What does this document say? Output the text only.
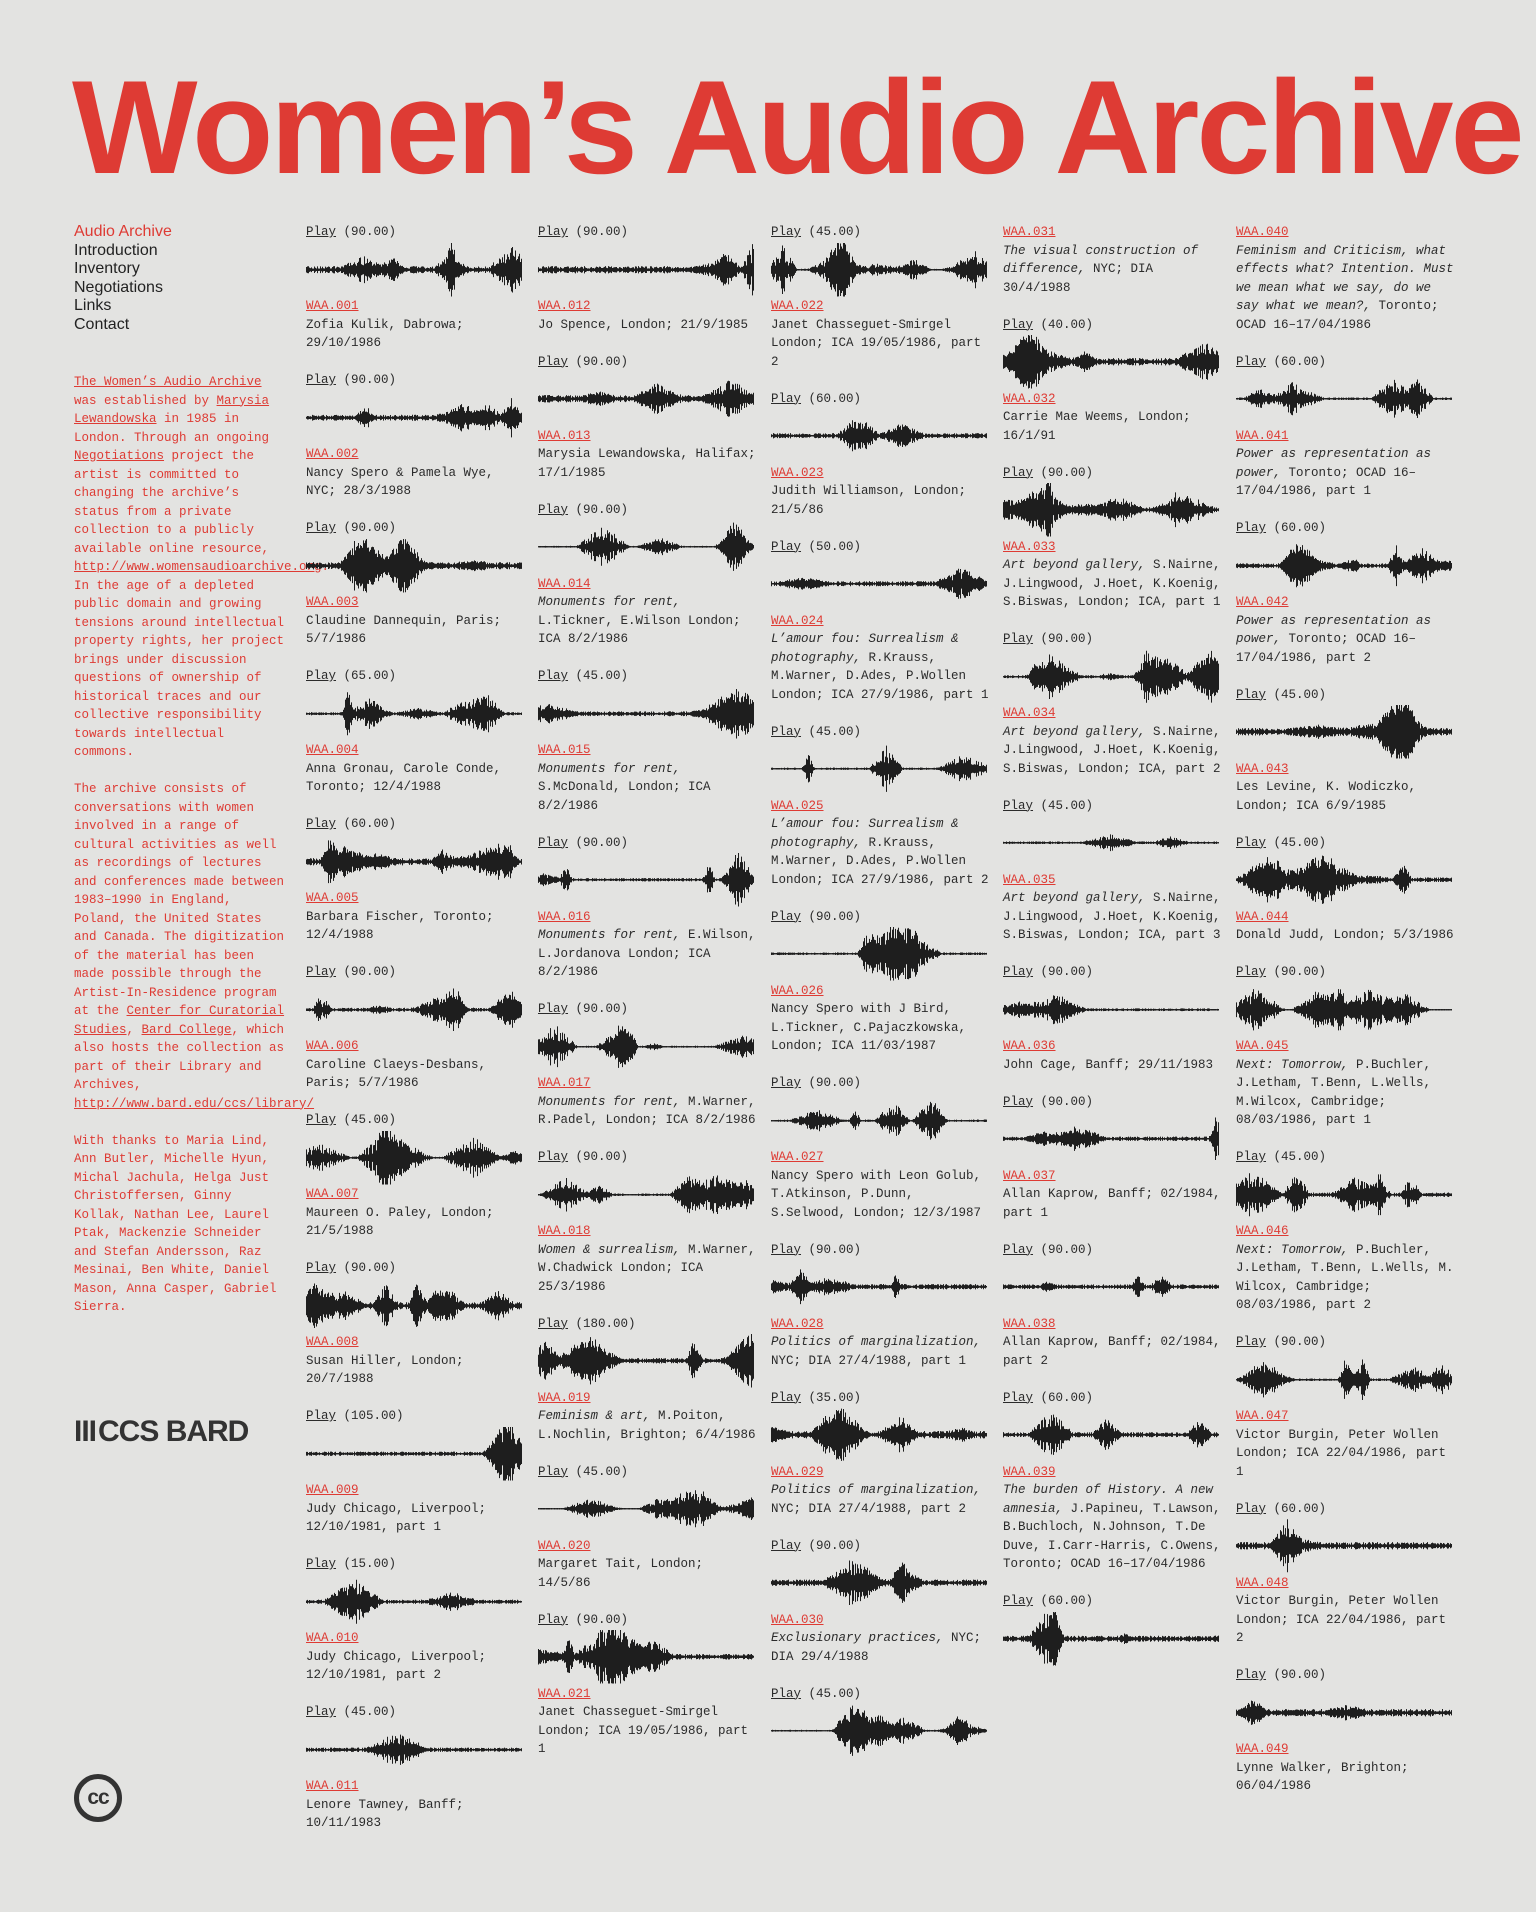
Women’s Audio Archive
Audio Archive
Introduction
Inventory
Negotiations
Links
Contact

The Women’s Audio Archive was established by Marysia Lewandowska in 1985 in London. Through an ongoing Negotiations project the artist is committed to changing the archive’s status from a private collection to a publicly available online resource, http://www.womensaudioarchive.org. In the age of a depleted public domain and growing tensions around intellectual property rights, her project brings under discussion questions of ownership of historical traces and our collective responsibility towards intellectual commons.

The archive consists of conversations with women involved in a range of cultural activities as well as recordings of lectures and conferences made between 1983–1990 in England, Poland, the United States and Canada. The digitization of the material has been made possible through the Artist-In-Residence program at the Center for Curatorial Studies, Bard College, which also hosts the collection as part of their Library and Archives, http://www.bard.edu/ccs/library/

With thanks to Maria Lind, Ann Butler, Michelle Hyun, Michal Jachula, Helga Just Christoffersen, Ginny Kollak, Nathan Lee, Laurel Ptak, Mackenzie Schneider and Stefan Andersson, Raz Mesinai, Ben White, Daniel Mason, Anna Casper, Gabriel Sierra.

IIICCS BARD
cc
Play (90.00)
WAA.001
Zofia Kulik, Dabrowa; 29/10/1986
Play (90.00)
WAA.002
Nancy Spero & Pamela Wye, NYC; 28/3/1988
Play (90.00)
WAA.003
Claudine Dannequin, Paris; 5/7/1986
Play (65.00)
WAA.004
Anna Gronau, Carole Conde, Toronto; 12/4/1988
Play (60.00)
WAA.005
Barbara Fischer, Toronto; 12/4/1988
Play (90.00)
WAA.006
Caroline Claeys-Desbans, Paris; 5/7/1986
Play (45.00)
WAA.007
Maureen O. Paley, London; 21/5/1988
Play (90.00)
WAA.008
Susan Hiller, London; 20/7/1988
Play (105.00)
WAA.009
Judy Chicago, Liverpool; 12/10/1981, part 1
Play (15.00)
WAA.010
Judy Chicago, Liverpool; 12/10/1981, part 2
Play (45.00)
WAA.011
Lenore Tawney, Banff; 10/11/1983
Play (90.00)
WAA.012
Jo Spence, London; 21/9/1985
Play (90.00)
WAA.013
Marysia Lewandowska, Halifax; 17/1/1985
Play (90.00)
WAA.014
Monuments for rent, L.Tickner, E.Wilson London; ICA 8/2/1986
Play (45.00)
WAA.015
Monuments for rent, S.McDonald, London; ICA 8/2/1986
Play (90.00)
WAA.016
Monuments for rent, E.Wilson, L.Jordanova London; ICA 8/2/1986
Play (90.00)
WAA.017
Monuments for rent, M.Warner, R.Padel, London; ICA 8/2/1986
Play (90.00)
WAA.018
Women & surrealism, M.Warner, W.Chadwick London; ICA 25/3/1986
Play (180.00)
WAA.019
Feminism & art, M.Poiton, L.Nochlin, Brighton; 6/4/1986
Play (45.00)
WAA.020
Margaret Tait, London; 14/5/86
Play (90.00)
WAA.021
Janet Chasseguet-Smirgel London; ICA 19/05/1986, part 1
Play (45.00)
WAA.022
Janet Chasseguet-Smirgel London; ICA 19/05/1986, part 2
Play (60.00)
WAA.023
Judith Williamson, London; 21/5/86
Play (50.00)
WAA.024
L’amour fou: Surrealism & photography, R.Krauss, M.Warner, D.Ades, P.Wollen London; ICA 27/9/1986, part 1
Play (45.00)
WAA.025
L’amour fou: Surrealism & photography, R.Krauss, M.Warner, D.Ades, P.Wollen London; ICA 27/9/1986, part 2
Play (90.00)
WAA.026
Nancy Spero with J Bird, L.Tickner, C.Pajaczkowska, London; ICA 11/03/1987
Play (90.00)
WAA.027
Nancy Spero with Leon Golub, T.Atkinson, P.Dunn, S.Selwood, London; 12/3/1987
Play (90.00)
WAA.028
Politics of marginalization, NYC; DIA 27/4/1988, part 1
Play (35.00)
WAA.029
Politics of marginalization, NYC; DIA 27/4/1988, part 2
Play (90.00)
WAA.030
Exclusionary practices, NYC; DIA 29/4/1988
Play (45.00)
WAA.031
The visual construction of difference, NYC; DIA 30/4/1988
Play (40.00)
WAA.032
Carrie Mae Weems, London; 16/1/91
Play (90.00)
WAA.033
Art beyond gallery, S.Nairne, J.Lingwood, J.Hoet, K.Koenig, S.Biswas, London; ICA, part 1
Play (90.00)
WAA.034
Art beyond gallery, S.Nairne, J.Lingwood, J.Hoet, K.Koenig, S.Biswas, London; ICA, part 2
Play (45.00)
WAA.035
Art beyond gallery, S.Nairne, J.Lingwood, J.Hoet, K.Koenig, S.Biswas, London; ICA, part 3
Play (90.00)
WAA.036
John Cage, Banff; 29/11/1983
Play (90.00)
WAA.037
Allan Kaprow, Banff; 02/1984, part 1
Play (90.00)
WAA.038
Allan Kaprow, Banff; 02/1984, part 2
Play (60.00)
WAA.039
The burden of History. A new amnesia, J.Papineu, T.Lawson, B.Buchloch, N.Johnson, T.De Duve, I.Carr-Harris, C.Owens, Toronto; OCAD 16–17/04/1986
Play (60.00)
WAA.040
Feminism and Criticism, what effects what? Intention. Must we mean what we say, do we say what we mean?, Toronto; OCAD 16–17/04/1986
Play (60.00)
WAA.041
Power as representation as power, Toronto; OCAD 16–17/04/1986, part 1
Play (60.00)
WAA.042
Power as representation as power, Toronto; OCAD 16–17/04/1986, part 2
Play (45.00)
WAA.043
Les Levine, K. Wodiczko, London; ICA 6/9/1985
Play (45.00)
WAA.044
Donald Judd, London; 5/3/1986
Play (90.00)
WAA.045
Next: Tomorrow, P.Buchler, J.Letham, T.Benn, L.Wells, M.Wilcox, Cambridge; 08/03/1986, part 1
Play (45.00)
WAA.046
Next: Tomorrow, P.Buchler, J.Letham, T.Benn, L.Wells, M. Wilcox, Cambridge; 08/03/1986, part 2
Play (90.00)
WAA.047
Victor Burgin, Peter Wollen London; ICA 22/04/1986, part 1
Play (60.00)
WAA.048
Victor Burgin, Peter Wollen London; ICA 22/04/1986, part 2
Play (90.00)
WAA.049
Lynne Walker, Brighton; 06/04/1986
